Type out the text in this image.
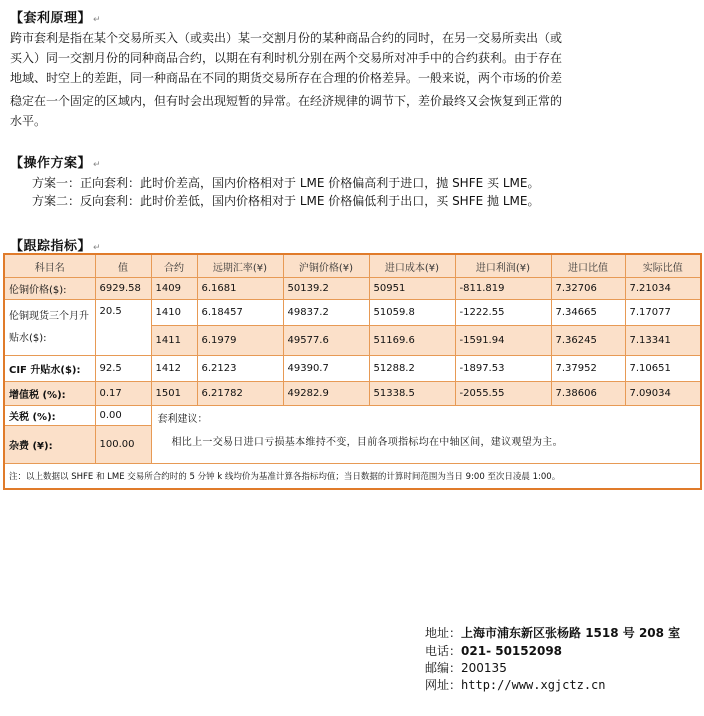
【套利原理】 ↵
跨市套利是指在某个交易所买入（或卖出）某一交割月份的某种商品合约的同时，在另一交易所卖出（或
买入）同一交割月份的同种商品合约，以期在有利时机分别在两个交易所对冲手中的合约获利。由于存在
地域、时空上的差距，同一种商品在不同的期货交易所存在合理的价格差异。一般来说，两个市场的价差
稳定在一个固定的区域内，但有时会出现短暂的异常。在经济规律的调节下，差价最终又会恢复到正常的
水平。
【操作方案】 ↵
方案一：正向套利：此时价差高，国内价格相对于 LME 价格偏高利于进口，抛 SHFE 买 LME。
方案二：反向套利：此时价差低，国内价格相对于 LME 价格偏低利于出口，买 SHFE 抛 LME。
【跟踪指标】 ↵
科目名	值	合约	远期汇率(¥)	沪铜价格(¥)	进口成本(¥)	进口利润(¥)	进口比值	实际比值
伦铜价格($):	6929.58	1409	6.1681	50139.2	50951	-811.819	7.32706	7.21034
伦铜现货三个月升贴水($):	20.5	1410	6.18457	49837.2	51059.8	-1222.55	7.34665	7.17077
		1411	6.1979	49577.6	51169.6	-1591.94	7.36245	7.13341
CIF 升贴水($):	92.5	1412	6.2123	49390.7	51288.2	-1897.53	7.37952	7.10651
增值税 (%):	0.17	1501	6.21782	49282.9	51338.5	-2055.55	7.38606	7.09034
关税 (%):	0.00	套利建议：
相比上一交易日进口亏损基本维持不变，目前各项指标均在中轴区间，建议观望为主。						

杂费 (¥):	100.00							
注：以上数据以 SHFE 和 LME 交易所合约时的 5 分钟 k 线均价为基准计算各指标均值；当日数据的计算时间范围为当日 9:00 至次日凌晨 1:00。								
地址：上海市浦东新区张杨路 1518 号 208 室
电话：021- 50152098
邮编：200135
网址：http://www.xgjctz.cn
